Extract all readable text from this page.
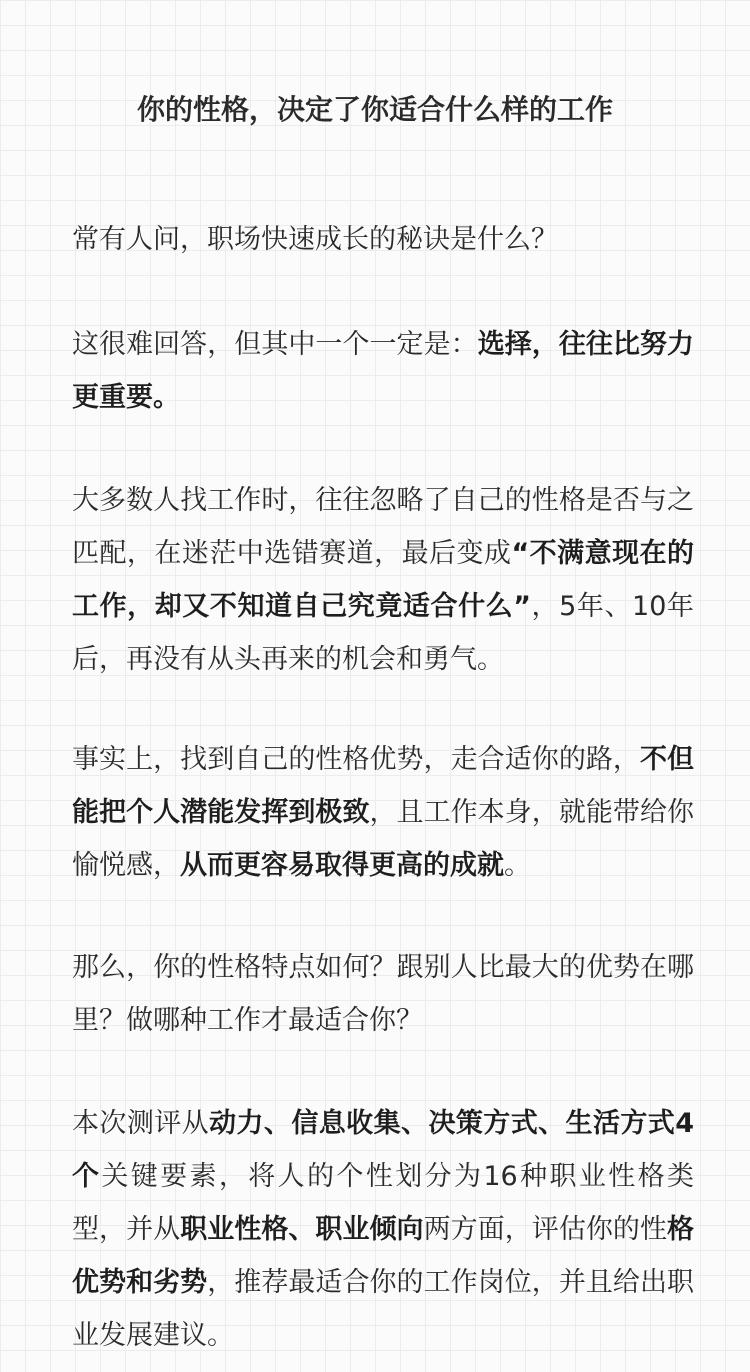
你的性格，决定了你适合什么样的工作

常有人问，职场快速成长的秘诀是什么？

这很难回答，但其中一个一定是：选择，往往比努力更重要。

大多数人找工作时，往往忽略了自己的性格是否与之匹配，在迷茫中选错赛道，最后变成“不满意现在的工作，却又不知道自己究竟适合什么”，5年、10年后，再没有从头再来的机会和勇气。

事实上，找到自己的性格优势，走合适你的路，不但能把个人潜能发挥到极致，且工作本身，就能带给你愉悦感，从而更容易取得更高的成就。

那么，你的性格特点如何？跟别人比最大的优势在哪里？做哪种工作才最适合你？

本次测评从动力、信息收集、决策方式、生活方式4个关键要素，将人的个性划分为16种职业性格类型，并从职业性格、职业倾向两方面，评估你的性格优势和劣势，推荐最适合你的工作岗位，并且给出职业发展建议。
